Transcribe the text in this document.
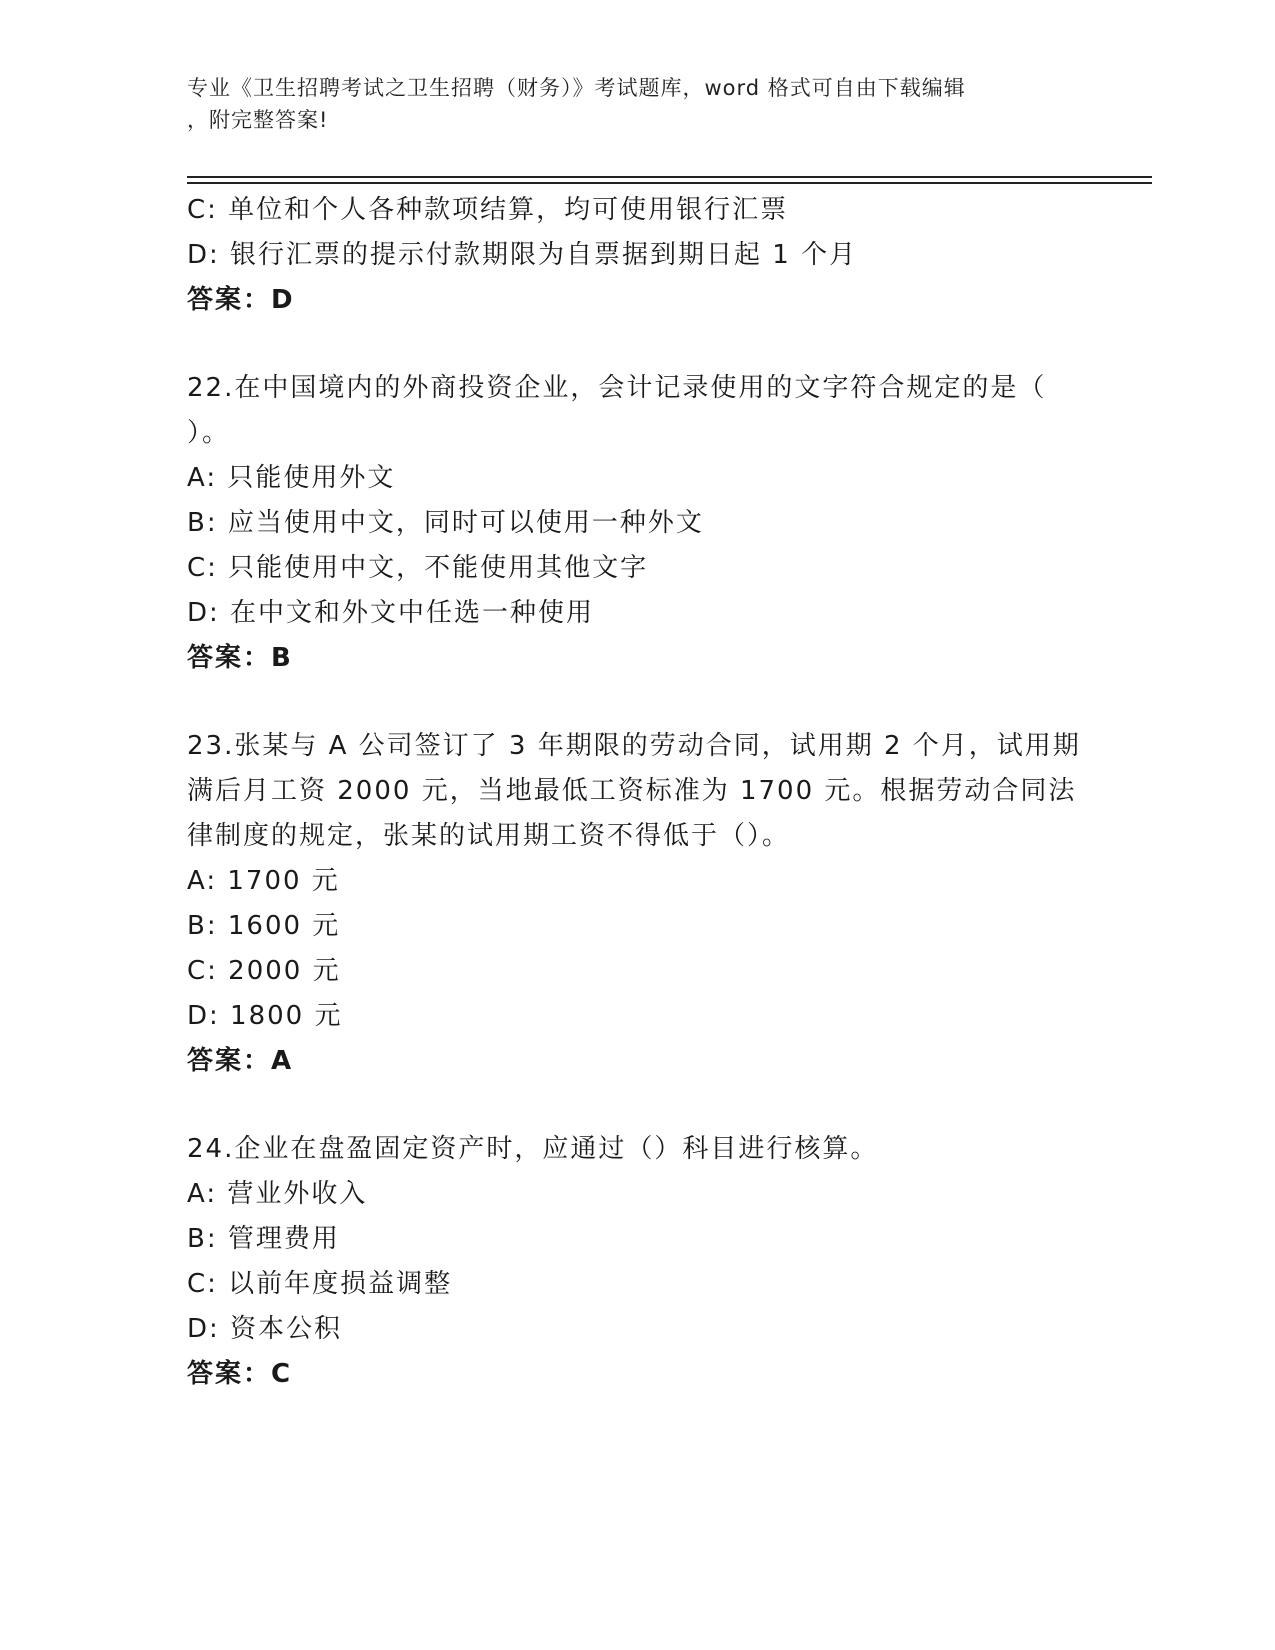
专业《卫生招聘考试之卫生招聘（财务）》考试题库，word 格式可自由下载编辑
，附完整答案!

C: 单位和个人各种款项结算，均可使用银行汇票

D: 银行汇票的提示付款期限为自票据到期日起 1 个月

答案：D

22.在中国境内的外商投资企业，会计记录使用的文字符合规定的是（

）。

A: 只能使用外文

B: 应当使用中文，同时可以使用一种外文

C: 只能使用中文，不能使用其他文字

D: 在中文和外文中任选一种使用

答案：B

23.张某与 A 公司签订了 3 年期限的劳动合同，试用期 2 个月，试用期

满后月工资 2000 元，当地最低工资标准为 1700 元。根据劳动合同法

律制度的规定，张某的试用期工资不得低于（）。

A: 1700 元

B: 1600 元

C: 2000 元

D: 1800 元

答案：A

24.企业在盘盈固定资产时，应通过（）科目进行核算。

A: 营业外收入

B: 管理费用

C: 以前年度损益调整

D: 资本公积

答案：C
